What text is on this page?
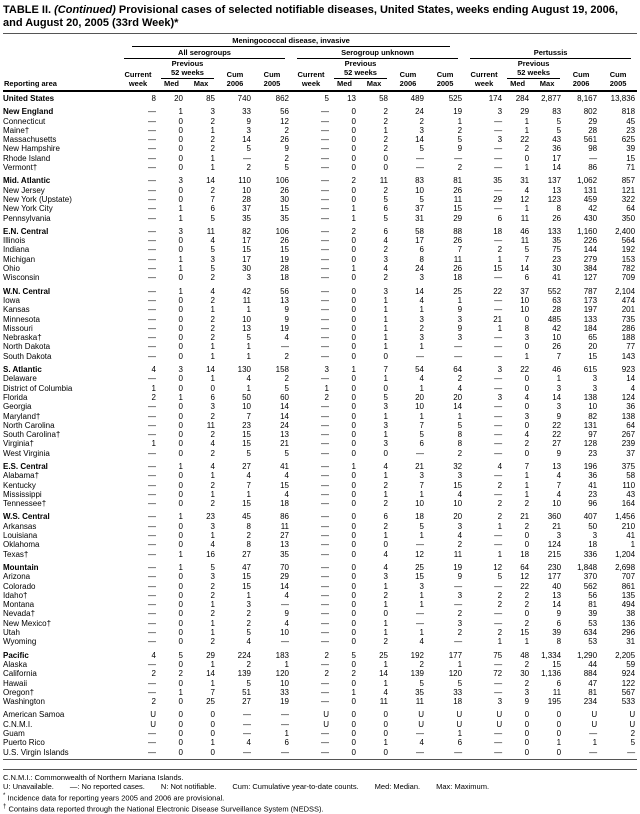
TABLE II. (Continued) Provisional cases of selected notifiable diseases, United States, weeks ending August 19, 2006, and August 20, 2005 (33rd Week)*

	Meningococcal disease, invasive														

	All serogroups					Serogroup unknown					Pertussis				

		Previous					Previous					Previous			
	Current	52 weeks		Cum	Cum	Current	52 weeks		Cum	Cum	Current	52 weeks		Cum	Cum
Reporting area	week	Med	Max	2006	2005	week	Med	Max	2006	2005	week	Med	Max	2006	2005
United States	8	20	85	740	862	5	13	58	489	525	174	284	2,877	8,167	13,836
New England	—	1	3	33	56	—	0	2	24	19	3	29	83	802	818
Connecticut	—	0	2	9	12	—	0	2	2	1	—	1	5	29	45
Maine†	—	0	1	3	2	—	0	1	3	2	—	1	5	28	23
Massachusetts	—	0	2	14	26	—	0	2	14	5	3	22	43	561	625
New Hampshire	—	0	2	5	9	—	0	2	5	9	—	2	36	98	39
Rhode Island	—	0	1	—	2	—	0	0	—	—	—	0	17	—	15
Vermont†	—	0	1	2	5	—	0	0	—	2	—	1	14	86	71
Mid. Atlantic	—	3	14	110	106	—	2	11	83	81	35	31	137	1,062	857
New Jersey	—	0	2	10	26	—	0	2	10	26	—	4	13	131	121
New York (Upstate)	—	0	7	28	30	—	0	5	5	11	29	12	123	459	322
New York City	—	1	6	37	15	—	1	6	37	15	—	1	8	42	64
Pennsylvania	—	1	5	35	35	—	1	5	31	29	6	11	26	430	350
E.N. Central	—	3	11	82	106	—	2	6	58	88	18	46	133	1,160	2,400
Illinois	—	0	4	17	26	—	0	4	17	26	—	11	35	226	564
Indiana	—	0	5	15	15	—	0	2	6	7	2	5	75	144	192
Michigan	—	1	3	17	19	—	0	3	8	11	1	7	23	279	153
Ohio	—	1	5	30	28	—	1	4	24	26	15	14	30	384	782
Wisconsin	—	0	2	3	18	—	0	2	3	18	—	6	41	127	709
W.N. Central	—	1	4	42	56	—	0	3	14	25	22	37	552	787	2,104
Iowa	—	0	2	11	13	—	0	1	4	1	—	10	63	173	474
Kansas	—	0	1	1	9	—	0	1	1	9	—	10	28	197	201
Minnesota	—	0	2	10	9	—	0	1	3	3	21	0	485	133	735
Missouri	—	0	2	13	19	—	0	1	2	9	1	8	42	184	286
Nebraska†	—	0	2	5	4	—	0	1	3	3	—	3	10	65	188
North Dakota	—	0	1	1	—	—	0	1	1	—	—	0	26	20	77
South Dakota	—	0	1	1	2	—	0	0	—	—	—	1	7	15	143
S. Atlantic	4	3	14	130	158	3	1	7	54	64	3	22	46	615	923
Delaware	—	0	1	4	2	—	0	1	4	2	—	0	1	3	14
District of Columbia	1	0	0	1	5	1	0	0	1	4	—	0	3	3	4
Florida	2	1	6	50	60	2	0	5	20	20	3	4	14	138	124
Georgia	—	0	3	10	14	—	0	3	10	14	—	0	3	10	36
Maryland†	—	0	2	7	14	—	0	1	1	1	—	3	9	82	138
North Carolina	—	0	11	23	24	—	0	3	7	5	—	0	22	131	64
South Carolina†	—	0	2	15	13	—	0	1	5	8	—	4	22	97	267
Virginia†	1	0	4	15	21	—	0	3	6	8	—	2	27	128	239
West Virginia	—	0	2	5	5	—	0	0	—	2	—	0	9	23	37
E.S. Central	—	1	4	27	41	—	1	4	21	32	4	7	13	196	375
Alabama†	—	0	1	4	4	—	0	1	3	3	—	1	4	36	58
Kentucky	—	0	2	7	15	—	0	2	7	15	2	1	7	41	110
Mississippi	—	0	1	1	4	—	0	1	1	4	—	1	4	23	43
Tennessee†	—	0	2	15	18	—	0	2	10	10	2	2	10	96	164
W.S. Central	—	1	23	45	86	—	0	6	18	20	2	21	360	407	1,456
Arkansas	—	0	3	8	11	—	0	2	5	3	1	2	21	50	210
Louisiana	—	0	1	2	27	—	0	1	1	4	—	0	3	3	41
Oklahoma	—	0	4	8	13	—	0	0	—	2	—	0	124	18	1
Texas†	—	1	16	27	35	—	0	4	12	11	1	18	215	336	1,204
Mountain	—	1	5	47	70	—	0	4	25	19	12	64	230	1,848	2,698
Arizona	—	0	3	15	29	—	0	3	15	9	5	12	177	370	707
Colorado	—	0	2	15	14	—	0	1	3	—	—	22	40	562	861
Idaho†	—	0	2	1	4	—	0	2	1	3	2	2	13	56	135
Montana	—	0	1	3	—	—	0	1	1	—	2	2	14	81	494
Nevada†	—	0	2	2	9	—	0	0	—	2	—	0	9	39	38
New Mexico†	—	0	1	2	4	—	0	1	—	3	—	2	6	53	136
Utah	—	0	1	5	10	—	0	1	1	2	2	15	39	634	296
Wyoming	—	0	2	4	—	—	0	2	4	—	1	1	8	53	31
Pacific	4	5	29	224	183	2	5	25	192	177	75	48	1,334	1,290	2,205
Alaska	—	0	1	2	1	—	0	1	2	1	—	2	15	44	59
California	2	2	14	139	120	2	2	14	139	120	72	30	1,136	884	924
Hawaii	—	0	1	5	10	—	0	1	5	5	—	2	6	47	122
Oregon†	—	1	7	51	33	—	1	4	35	33	—	3	11	81	567
Washington	2	0	25	27	19	—	0	11	11	18	3	9	195	234	533
American Samoa	U	0	0	—	—	U	0	0	U	U	U	0	0	U	U
C.N.M.I.	U	0	0	—	—	U	0	0	U	U	U	0	0	U	U
Guam	—	0	0	—	1	—	0	0	—	1	—	0	0	—	2
Puerto Rico	—	0	1	4	6	—	0	1	4	6	—	0	1	1	5
U.S. Virgin Islands	—	0	0	—	—	—	0	0	—	—	—	0	0	—	—
C.N.M.I.: Commonwealth of Northern Mariana Islands.
U: Unavailable. —: No reported cases. N: Not notifiable. Cum: Cumulative year-to-date counts. Med: Median. Max: Maximum.
* Incidence data for reporting years 2005 and 2006 are provisional.
† Contains data reported through the National Electronic Disease Surveillance System (NEDSS).
